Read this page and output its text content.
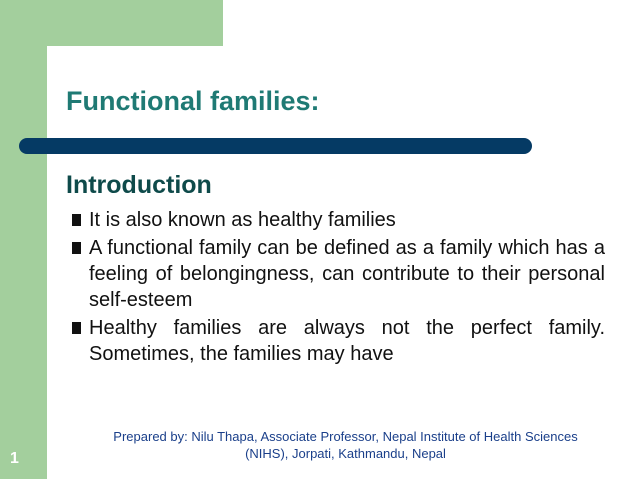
Functional families:
Introduction
It is also known as healthy families
A functional family can be defined as a family which has a feeling of belongingness, can contribute to their personal self-esteem
Healthy families are always not the perfect family. Sometimes, the families may have
Prepared by: Nilu Thapa, Associate Professor, Nepal Institute of Health Sciences
(NIHS), Jorpati, Kathmandu, Nepal
1
